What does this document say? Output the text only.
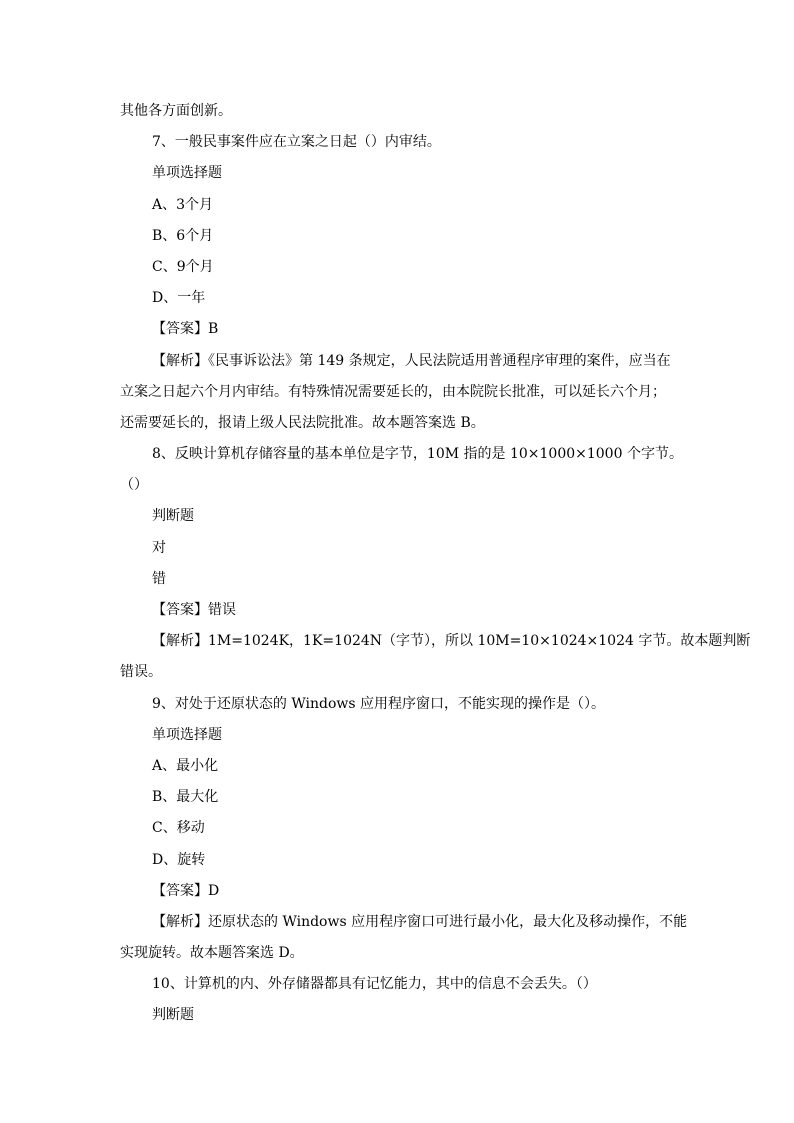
其他各方面创新。
7、一般民事案件应在立案之日起（）内审结。
单项选择题
A、3个月
B、6个月
C、9个月
D、一年
【答案】B
【解析】《民事诉讼法》第 149 条规定，人民法院适用普通程序审理的案件，应当在
立案之日起六个月内审结。有特殊情况需要延长的，由本院院长批准，可以延长六个月；
还需要延长的，报请上级人民法院批准。故本题答案选 B。
8、反映计算机存储容量的基本单位是字节，10M 指的是 10×1000×1000 个字节。
（）
判断题
对
错
【答案】错误
【解析】1M=1024K，1K=1024N（字节），所以 10M=10×1024×1024 字节。故本题判断
错误。
9、对处于还原状态的 Windows 应用程序窗口，不能实现的操作是（）。
单项选择题
A、最小化
B、最大化
C、移动
D、旋转
【答案】D
【解析】还原状态的 Windows 应用程序窗口可进行最小化，最大化及移动操作，不能
实现旋转。故本题答案选 D。
10、计算机的内、外存储器都具有记忆能力，其中的信息不会丢失。（）
判断题
